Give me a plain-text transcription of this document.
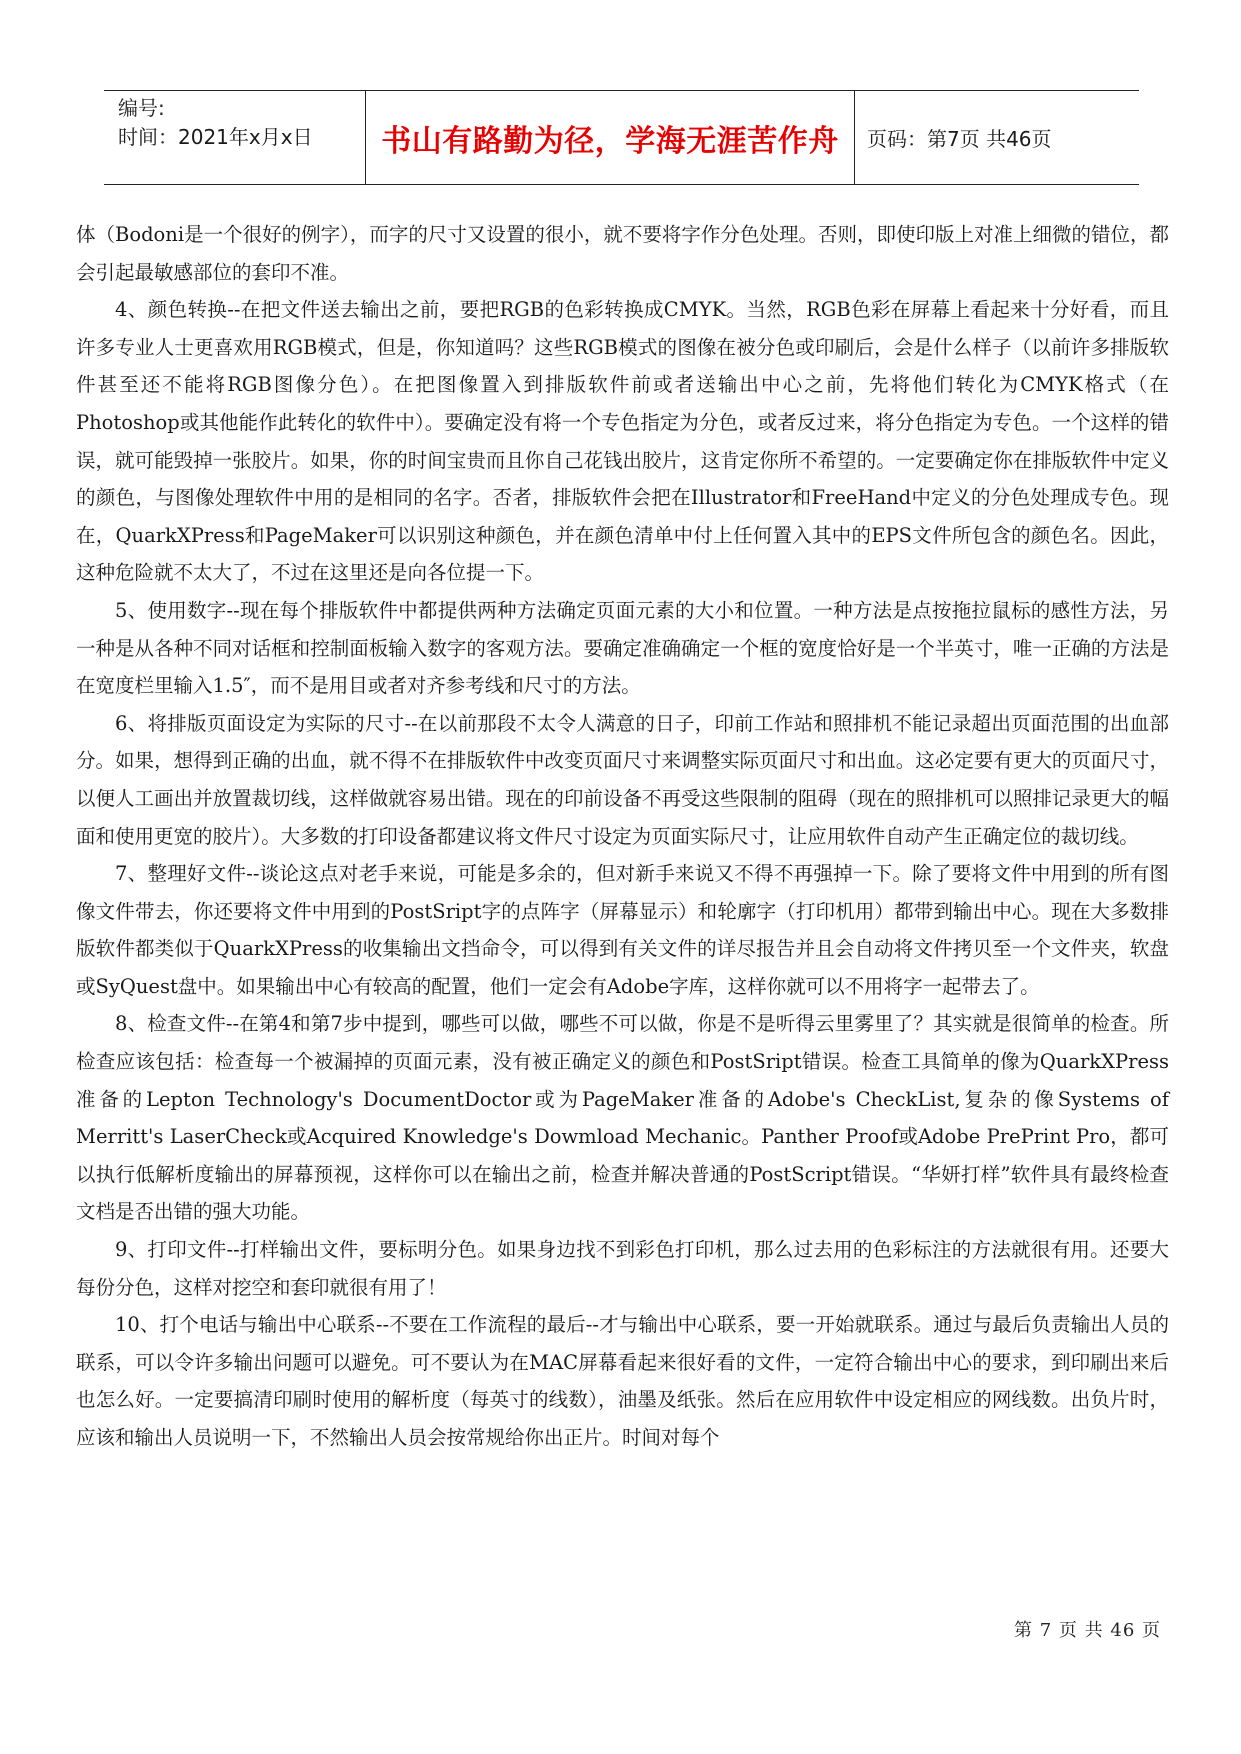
编号:
时间：2021年x月x日	书山有路勤为径，学海无涯苦作舟	页码：第7页 共46页

体（Bodoni是一个很好的例字），而字的尺寸又设置的很小，就不要将字作分色处理。否则，即使印版上对准上细微的错位，都会引起最敏感部位的套印不准。

4、颜色转换--在把文件送去输出之前，要把RGB的色彩转换成CMYK。当然，RGB色彩在屏幕上看起来十分好看，而且许多专业人士更喜欢用RGB模式，但是，你知道吗？这些RGB模式的图像在被分色或印刷后，会是什么样子（以前许多排版软件甚至还不能将RGB图像分色）。在把图像置入到排版软件前或者送输出中心之前，先将他们转化为CMYK格式（在Photoshop或其他能作此转化的软件中）。要确定没有将一个专色指定为分色，或者反过来，将分色指定为专色。一个这样的错误，就可能毁掉一张胶片。如果，你的时间宝贵而且你自己花钱出胶片，这肯定你所不希望的。一定要确定你在排版软件中定义的颜色，与图像处理软件中用的是相同的名字。否者，排版软件会把在Illustrator和FreeHand中定义的分色处理成专色。现在，QuarkXPress和PageMaker可以识别这种颜色，并在颜色清单中付上任何置入其中的EPS文件所包含的颜色名。因此，这种危险就不太大了，不过在这里还是向各位提一下。

5、使用数字--现在每个排版软件中都提供两种方法确定页面元素的大小和位置。一种方法是点按拖拉鼠标的感性方法，另一种是从各种不同对话框和控制面板输入数字的客观方法。要确定准确确定一个框的宽度恰好是一个半英寸，唯一正确的方法是在宽度栏里输入1.5″，而不是用目或者对齐参考线和尺寸的方法。

6、将排版页面设定为实际的尺寸--在以前那段不太令人满意的日子，印前工作站和照排机不能记录超出页面范围的出血部分。如果，想得到正确的出血，就不得不在排版软件中改变页面尺寸来调整实际页面尺寸和出血。这必定要有更大的页面尺寸，以便人工画出并放置裁切线，这样做就容易出错。现在的印前设备不再受这些限制的阻碍（现在的照排机可以照排记录更大的幅面和使用更宽的胶片）。大多数的打印设备都建议将文件尺寸设定为页面实际尺寸，让应用软件自动产生正确定位的裁切线。

7、整理好文件--谈论这点对老手来说，可能是多余的，但对新手来说又不得不再强掉一下。除了要将文件中用到的所有图像文件带去，你还要将文件中用到的PostSript字的点阵字（屏幕显示）和轮廓字（打印机用）都带到输出中心。现在大多数排版软件都类似于QuarkXPress的收集输出文挡命令，可以得到有关文件的详尽报告并且会自动将文件拷贝至一个文件夹，软盘或SyQuest盘中。如果输出中心有较高的配置，他们一定会有Adobe字库，这样你就可以不用将字一起带去了。

8、检查文件--在第4和第7步中提到，哪些可以做，哪些不可以做，你是不是听得云里雾里了？其实就是很简单的检查。所检查应该包括：检查每一个被漏掉的页面元素，没有被正确定义的颜色和PostSript错误。检查工具简单的像为QuarkXPress准备的Lepton Technology's DocumentDoctor或为PageMaker准备的Adobe's CheckList,复杂的像Systems of Merritt's LaserCheck或Acquired Knowledge's Dowmload Mechanic。Panther Proof或Adobe PrePrint Pro，都可以执行低解析度输出的屏幕预视，这样你可以在输出之前，检查并解决普通的PostScript错误。“华妍打样”软件具有最终检查文档是否出错的强大功能。

9、打印文件--打样输出文件，要标明分色。如果身边找不到彩色打印机，那么过去用的色彩标注的方法就很有用。还要大每份分色，这样对挖空和套印就很有用了！

10、打个电话与输出中心联系--不要在工作流程的最后--才与输出中心联系，要一开始就联系。通过与最后负责输出人员的联系，可以令许多输出问题可以避免。可不要认为在MAC屏幕看起来很好看的文件，一定符合输出中心的要求，到印刷出来后也怎么好。一定要搞清印刷时使用的解析度（每英寸的线数），油墨及纸张。然后在应用软件中设定相应的网线数。出负片时，应该和输出人员说明一下，不然输出人员会按常规给你出正片。时间对每个

第 7 页 共 46 页
